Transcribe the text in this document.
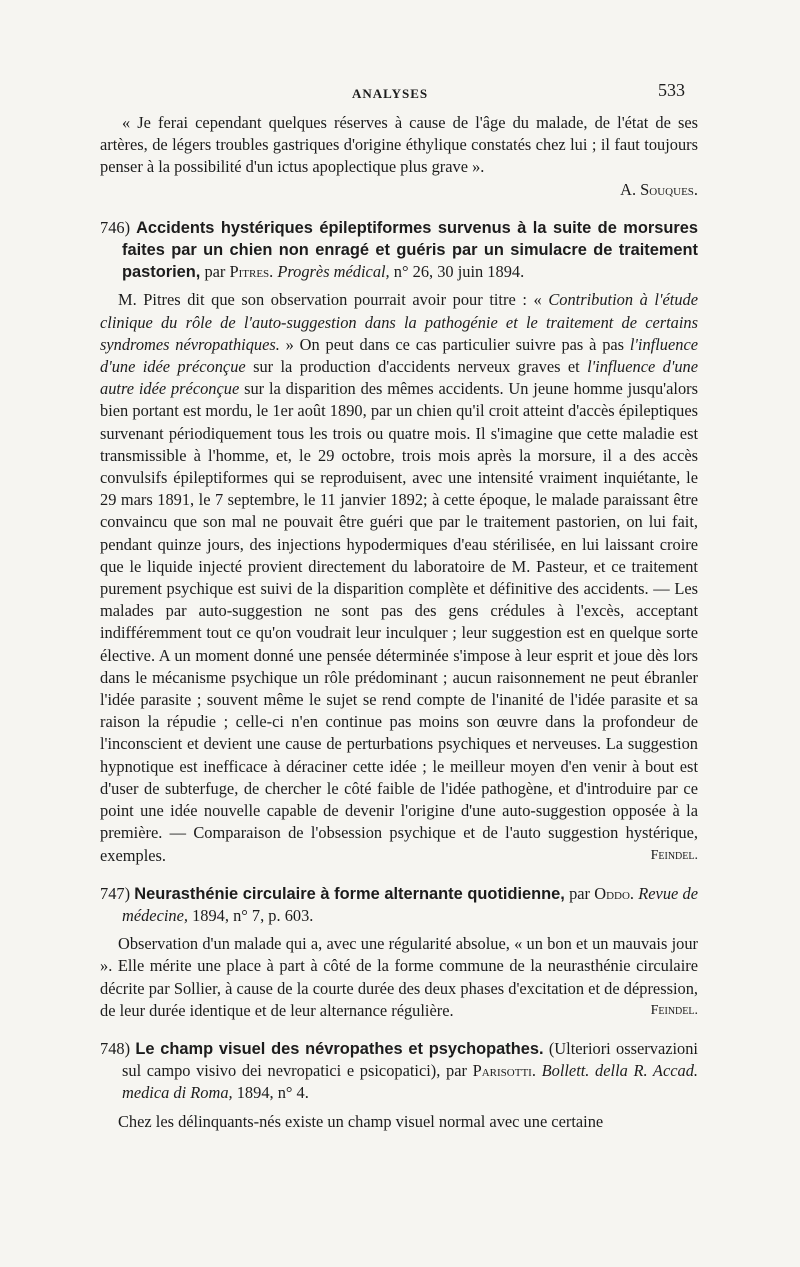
ANALYSES	533

« Je ferai cependant quelques réserves à cause de l'âge du malade, de l'état de ses artères, de légers troubles gastriques d'origine éthylique constatés chez lui ; il faut toujours penser à la possibilité d'un ictus apoplectique plus grave ».

A. Souques.

746) Accidents hystériques épileptiformes survenus à la suite de morsures faites par un chien non enragé et guéris par un simulacre de traitement pastorien, par Pitres. Progrès médical, n° 26, 30 juin 1894.

M. Pitres dit que son observation pourrait avoir pour titre : « Contribution à l'étude clinique du rôle de l'auto-suggestion dans la pathogénie et le traitement de certains syndromes névropathiques. » On peut dans ce cas particulier suivre pas à pas l'influence d'une idée préconçue sur la production d'accidents nerveux graves et l'influence d'une autre idée préconçue sur la disparition des mêmes accidents. Un jeune homme jusqu'alors bien portant est mordu, le 1er août 1890, par un chien qu'il croit atteint d'accès épileptiques survenant périodiquement tous les trois ou quatre mois. Il s'imagine que cette maladie est transmissible à l'homme, et, le 29 octobre, trois mois après la morsure, il a des accès convulsifs épileptiformes qui se reproduisent, avec une intensité vraiment inquiétante, le 29 mars 1891, le 7 septembre, le 11 janvier 1892; à cette époque, le malade paraissant être convaincu que son mal ne pouvait être guéri que par le traitement pastorien, on lui fait, pendant quinze jours, des injections hypodermiques d'eau stérilisée, en lui laissant croire que le liquide injecté provient directement du laboratoire de M. Pasteur, et ce traitement purement psychique est suivi de la disparition complète et définitive des accidents. — Les malades par auto-suggestion ne sont pas des gens crédules à l'excès, acceptant indifféremment tout ce qu'on voudrait leur inculquer ; leur suggestion est en quelque sorte élective. A un moment donné une pensée déterminée s'impose à leur esprit et joue dès lors dans le mécanisme psychique un rôle prédominant ; aucun raisonnement ne peut ébranler l'idée parasite ; souvent même le sujet se rend compte de l'inanité de l'idée parasite et sa raison la répudie ; celle-ci n'en continue pas moins son œuvre dans la profondeur de l'inconscient et devient une cause de perturbations psychiques et nerveuses. La suggestion hypnotique est inefficace à déraciner cette idée ; le meilleur moyen d'en venir à bout est d'user de subterfuge, de chercher le côté faible de l'idée pathogène, et d'introduire par ce point une idée nouvelle capable de devenir l'origine d'une auto-suggestion opposée à la première. — Comparaison de l'obsession psychique et de l'auto suggestion hystérique, exemples.	Feindel.

747) Neurasthénie circulaire à forme alternante quotidienne, par Oddo. Revue de médecine, 1894, n° 7, p. 603.

Observation d'un malade qui a, avec une régularité absolue, « un bon et un mauvais jour ». Elle mérite une place à part à côté de la forme commune de la neurasthénie circulaire décrite par Sollier, à cause de la courte durée des deux phases d'excitation et de dépression, de leur durée identique et de leur alternance régulière.	Feindel.

748) Le champ visuel des névropathes et psychopathes. (Ulteriori osservazioni sul campo visivo dei nevropatici e psicopatici), par Parisotti. Bollett. della R. Accad. medica di Roma, 1894, n° 4.

Chez les délinquants-nés existe un champ visuel normal avec une certaine
